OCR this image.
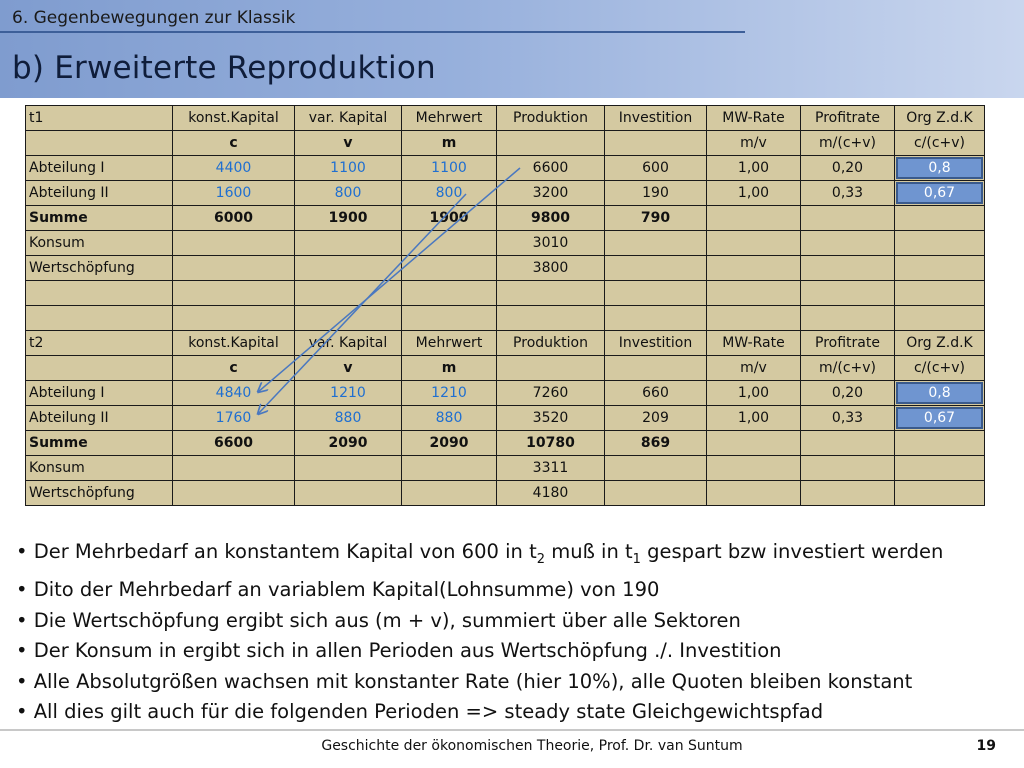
6. Gegenbewegungen zur Klassik
b) Erweiterte Reproduktion
t1	konst.Kapital	var. Kapital	Mehrwert	Produktion	Investition	MW-Rate	Profitrate	Org Z.d.K
	c	v	m			m/v	m/(c+v)	c/(c+v)
Abteilung I	4400	1100	1100	6600	600	1,00	0,20	0,8

Abteilung II	1600	800	800	3200	190	1,00	0,33	0,67

Summe	6000	1900	1900	9800	790			
Konsum				3010				
Wertschöpfung				3800				

t2	konst.Kapital	var. Kapital	Mehrwert	Produktion	Investition	MW-Rate	Profitrate	Org Z.d.K
	c	v	m			m/v	m/(c+v)	c/(c+v)
Abteilung I	4840	1210	1210	7260	660	1,00	0,20	0,8

Abteilung II	1760	880	880	3520	209	1,00	0,33	0,67

Summe	6600	2090	2090	10780	869			
Konsum				3311				
Wertschöpfung				4180				
• Der Mehrbedarf an konstantem Kapital von 600 in $t_2$ muß in $t_1$ gespart bzw investiert werden
• Dito der Mehrbedarf an variablem Kapital(Lohnsumme) von 190
• Die Wertschöpfung ergibt sich aus (m + v), summiert über alle Sektoren
• Der Konsum in ergibt sich in allen Perioden aus Wertschöpfung ./. Investition
• Alle Absolutgrößen wachsen mit konstanter Rate (hier 10%), alle Quoten bleiben konstant
• All dies gilt auch für die folgenden Perioden => steady state Gleichgewichtspfad
Geschichte der ökonomischen Theorie, Prof. Dr. van Suntum	19
